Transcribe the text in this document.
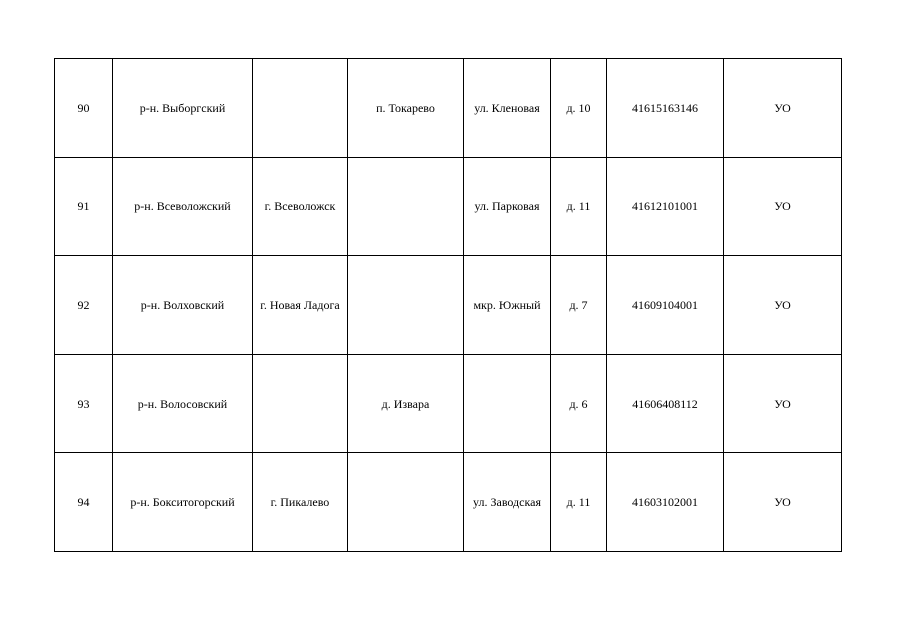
90	р-н. Выборгский		п. Токарево	ул. Кленовая	д. 10	41615163146	УО
91	р-н. Всеволожский	г. Всеволожск		ул. Парковая	д. 11	41612101001	УО
92	р-н. Волховский	г. Новая Ладога		мкр. Южный	д. 7	41609104001	УО
93	р-н. Волосовский		д. Извара		д. 6	41606408112	УО
94	р-н. Бокситогорский	г. Пикалево		ул. Заводская	д. 11	41603102001	УО
